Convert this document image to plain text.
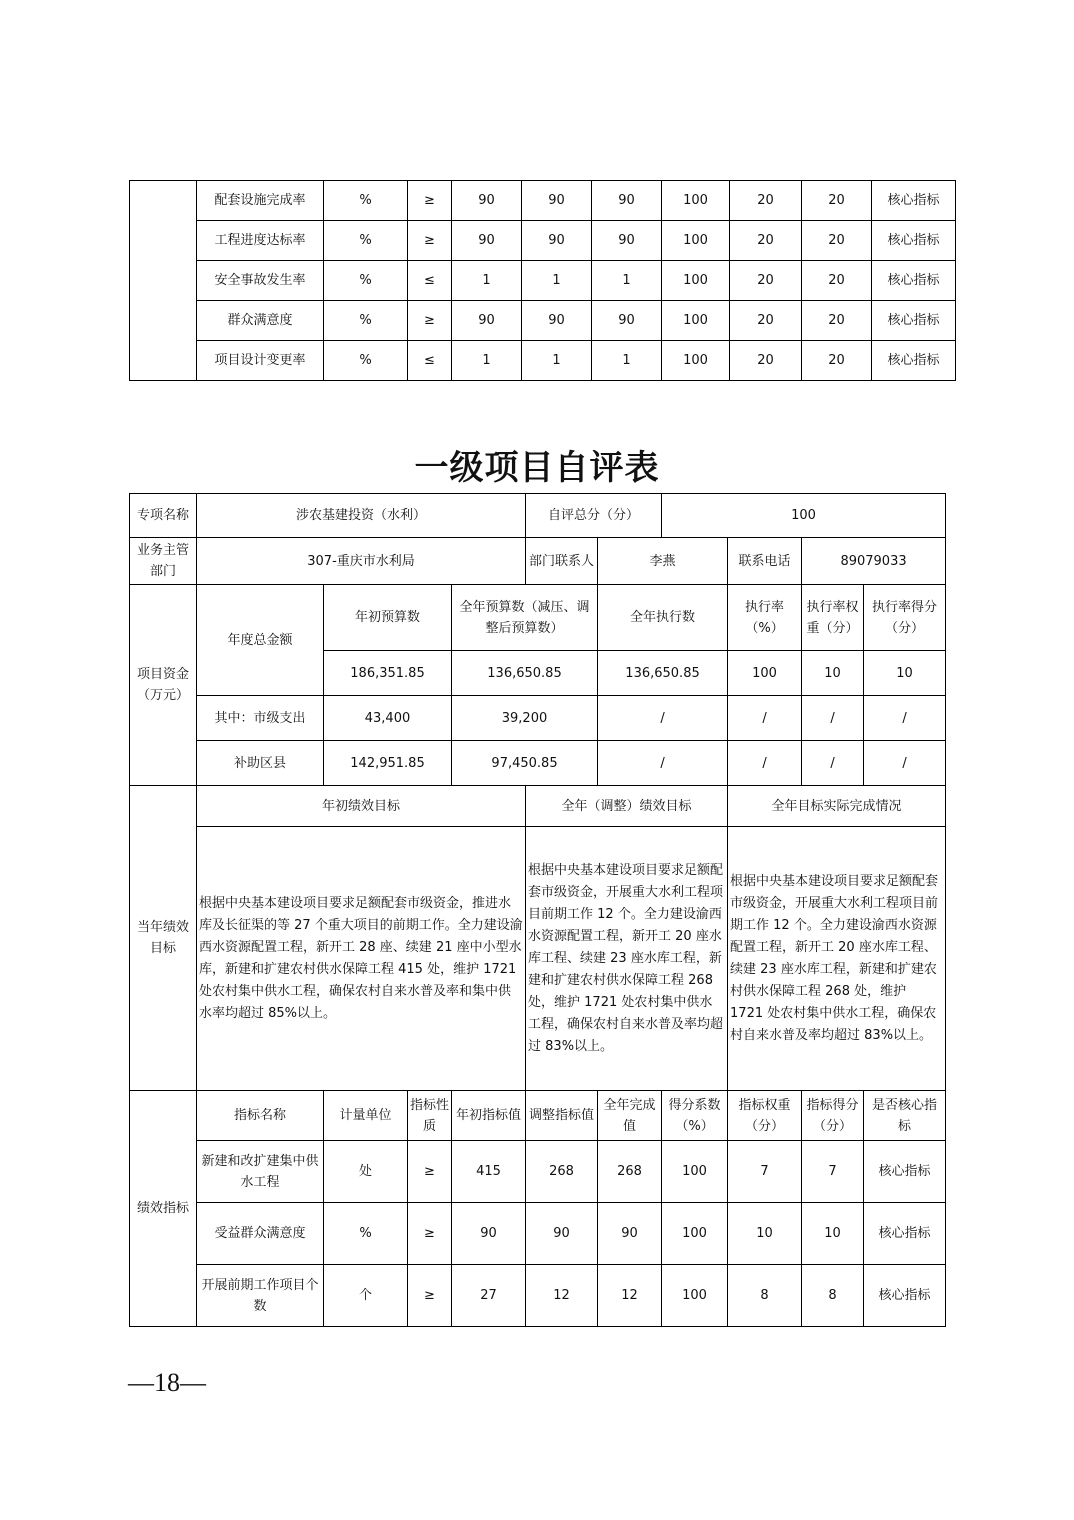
	配套设施完成率	%	≥	90	90	90	100	20	20	核心指标
	工程进度达标率	%	≥	90	90	90	100	20	20	核心指标
	安全事故发生率	%	≤	1	1	1	100	20	20	核心指标
	群众满意度	%	≥	90	90	90	100	20	20	核心指标
	项目设计变更率	%	≤	1	1	1	100	20	20	核心指标
一级项目自评表
专项名称	涉农基建投资（水利）				自评总分（分）		100			
业务主管部门	307-重庆市水利局				部门联系人	李燕		联系电话	89079033	
项目资金（万元）	年度总金额	年初预算数		全年预算数（减压、调整后预算数）		全年执行数		执行率（%）	执行率权重（分）	执行率得分（分）
		186,351.85		136,650.85		136,650.85		100	10	10
	其中：市级支出	43,400		39,200		/		/	/	/
	补助区县	142,951.85		97,450.85		/		/	/	/
当年绩效目标	年初绩效目标				全年（调整）绩效目标			全年目标实际完成情况		
	根据中央基本建设项目要求足额配套市级资金，推进水库及长征渠的等 27 个重大项目的前期工作。全力建设渝西水资源配置工程，新开工 28 座、续建 21 座中小型水库，新建和扩建农村供水保障工程 415 处，维护 1721 处农村集中供水工程，确保农村自来水普及率和集中供水率均超过 85%以上。				根据中央基本建设项目要求足额配套市级资金，开展重大水利工程项目前期工作 12 个。全力建设渝西水资源配置工程，新开工 20 座水库工程、续建 23 座水库工程，新建和扩建农村供水保障工程 268 处，维护 1721 处农村集中供水工程，确保农村自来水普及率均超过 83%以上。			根据中央基本建设项目要求足额配套市级资金，开展重大水利工程项目前期工作 12 个。全力建设渝西水资源配置工程，新开工 20 座水库工程、续建 23 座水库工程，新建和扩建农村供水保障工程 268 处，维护 1721 处农村集中供水工程，确保农村自来水普及率均超过 83%以上。		
绩效指标	指标名称	计量单位	指标性质	年初指标值	调整指标值	全年完成值	得分系数（%）	指标权重（分）	指标得分（分）	是否核心指标
	新建和改扩建集中供水工程	处	≥	415	268	268	100	7	7	核心指标
	受益群众满意度	%	≥	90	90	90	100	10	10	核心指标
	开展前期工作项目个数	个	≥	27	12	12	100	8	8	核心指标
—18—
